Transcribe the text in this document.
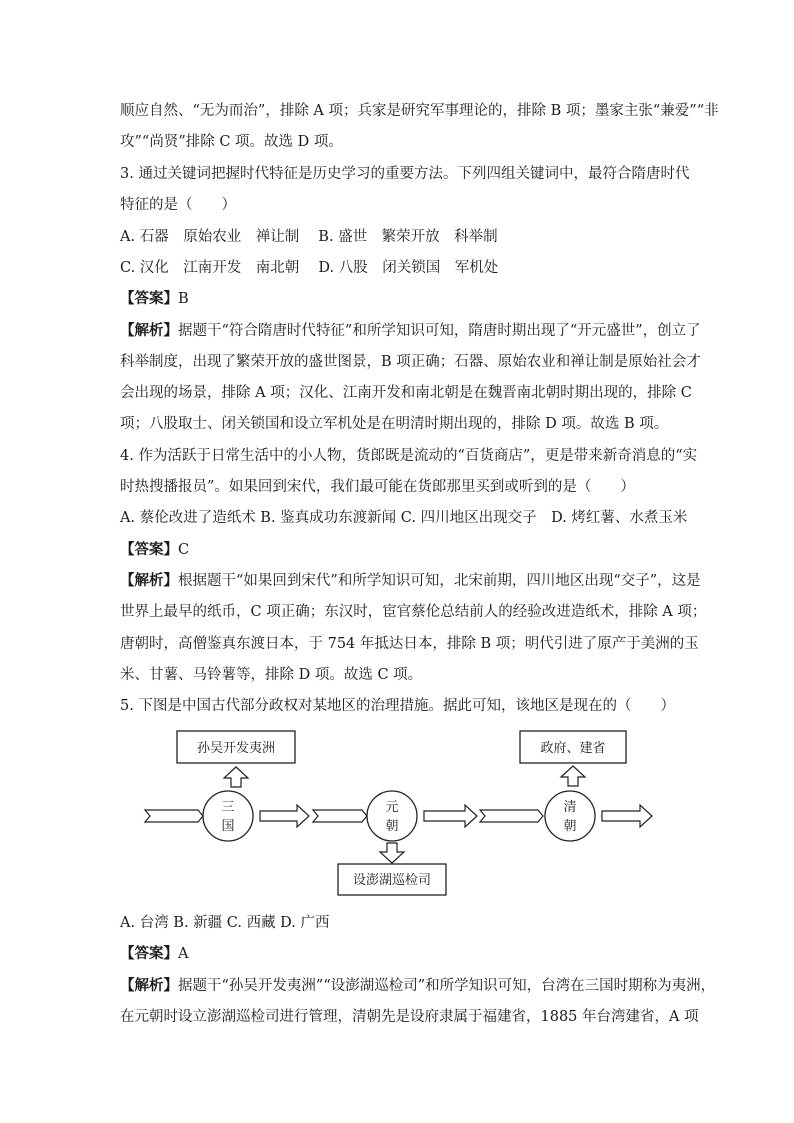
顺应自然、“无为而治”，排除 A 项；兵家是研究军事理论的，排除 B 项；墨家主张“兼爱”“非
攻”“尚贤”排除 C 项。故选 D 项。
3. 通过关键词把握时代特征是历史学习的重要方法。下列四组关键词中，最符合隋唐时代
特征的是（　　）
A. 石器　原始农业　禅让制　 B. 盛世　繁荣开放　科举制
C. 汉化　江南开发　南北朝　 D. 八股　闭关锁国　军机处
【答案】B
【解析】据题干“符合隋唐时代特征”和所学知识可知，隋唐时期出现了“开元盛世”，创立了
科举制度，出现了繁荣开放的盛世图景，B 项正确；石器、原始农业和禅让制是原始社会才
会出现的场景，排除 A 项；汉化、江南开发和南北朝是在魏晋南北朝时期出现的，排除 C
项；八股取士、闭关锁国和设立军机处是在明清时期出现的，排除 D 项。故选 B 项。
4. 作为活跃于日常生活中的小人物，货郎既是流动的“百货商店”，更是带来新奇消息的“实
时热搜播报员”。如果回到宋代，我们最可能在货郎那里买到或听到的是（　　）
A. 蔡伦改进了造纸术 B. 鉴真成功东渡新闻 C. 四川地区出现交子　D. 烤红薯、水煮玉米
【答案】C
【解析】根据题干“如果回到宋代”和所学知识可知，北宋前期，四川地区出现“交子”，这是
世界上最早的纸币，C 项正确；东汉时，宦官蔡伦总结前人的经验改进造纸术，排除 A 项；
唐朝时，高僧鉴真东渡日本，于 754 年抵达日本，排除 B 项；明代引进了原产于美洲的玉
米、甘薯、马铃薯等，排除 D 项。故选 C 项。
5. 下图是中国古代部分政权对某地区的治理措施。据此可知，该地区是现在的（　　）
孙吴开发夷洲	政府、建省
三
国
元
朝
设澎湖巡检司
清
朝
A. 台湾 B. 新疆 C. 西藏 D. 广西
【答案】A
【解析】据题干“孙吴开发夷洲”“设澎湖巡检司”和所学知识可知，台湾在三国时期称为夷洲，
在元朝时设立澎湖巡检司进行管理，清朝先是设府隶属于福建省，1885 年台湾建省，A 项
